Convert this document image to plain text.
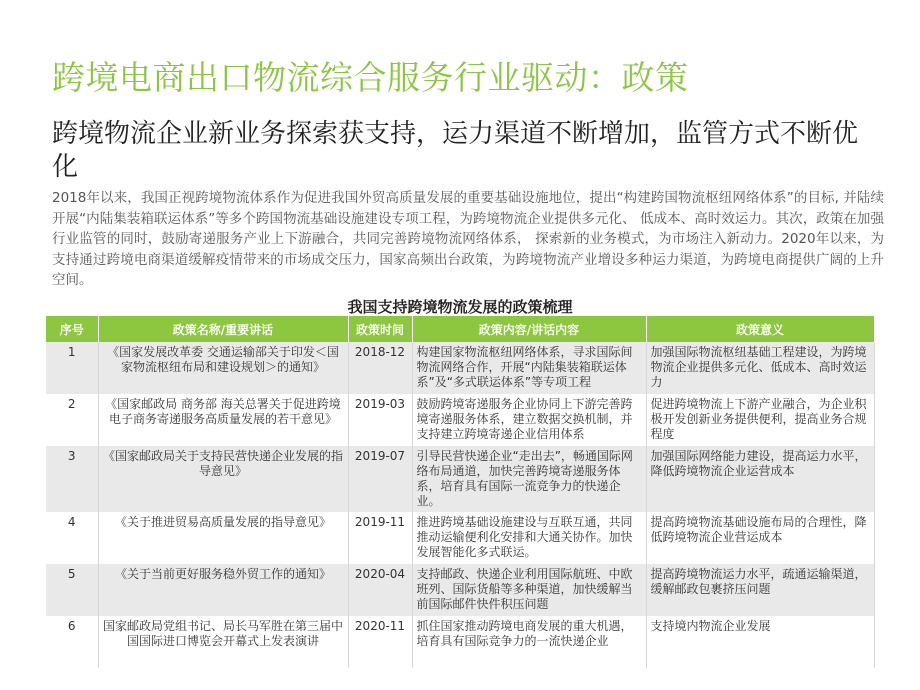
跨境电商出口物流综合服务行业驱动：政策
跨境物流企业新业务探索获支持，运力渠道不断增加，监管方式不断优化
2018年以来，我国正视跨境物流体系作为促进我国外贸高质量发展的重要基础设施地位，提出“构建跨国物流枢纽网络体系”的目标, 并陆续开展“内陆集装箱联运体系”等多个跨国物流基础设施建设专项工程，为跨境物流企业提供多元化、 低成本、高时效运力。其次，政策在加强行业监管的同时，鼓励寄递服务产业上下游融合，共同完善跨境物流网络体系， 探索新的业务模式，为市场注入新动力。2020年以来，为支持通过跨境电商渠道缓解疫情带来的市场成交压力，国家高频出台政策，为跨境物流产业增设多种运力渠道，为跨境电商提供广阔的上升空间。
我国支持跨境物流发展的政策梳理
序号	政策名称/重要讲话	政策时间	政策内容/讲话内容	政策意义
1	《国家发展改革委 交通运输部关于印发＜国家物流枢纽布局和建设规划＞的通知》	2018-12	构建国家物流枢纽网络体系，寻求国际间物流网络合作，开展“内陆集装箱联运体系”及“多式联运体系”等专项工程	加强国际物流枢纽基础工程建设，为跨境物流企业提供多元化、低成本、高时效运力
2	《国家邮政局 商务部 海关总署关于促进跨境电子商务寄递服务高质量发展的若干意见》	2019-03	鼓励跨境寄递服务企业协同上下游完善跨境寄递服务体系，建立数据交换机制，并支持建立跨境寄递企业信用体系	促进跨境物流上下游产业融合，为企业积极开发创新业务提供便利，提高业务合规程度
3	《国家邮政局关于支持民营快递企业发展的指导意见》	2019-07	引导民营快递企业“走出去”，畅通国际网络布局通道，加快完善跨境寄递服务体系，培育具有国际一流竞争力的快递企业。	加强国际网络能力建设，提高运力水平，降低跨境物流企业运营成本
4	《关于推进贸易高质量发展的指导意见》	2019-11	推进跨境基础设施建设与互联互通，共同推动运输便利化安排和大通关协作。加快发展智能化多式联运。	提高跨境物流基础设施布局的合理性，降低跨境物流企业营运成本
5	《关于当前更好服务稳外贸工作的通知》	2020-04	支持邮政、快递企业利用国际航班、中欧班列、国际货船等多种渠道，加快缓解当前国际邮件快件积压问题	提高跨境物流运力水平，疏通运输渠道，缓解邮政包裹挤压问题
6	国家邮政局党组书记、局长马军胜在第三届中国国际进口博览会开幕式上发表演讲	2020-11	抓住国家推动跨境电商发展的重大机遇，培育具有国际竞争力的一流快递企业	支持境内物流企业发展
